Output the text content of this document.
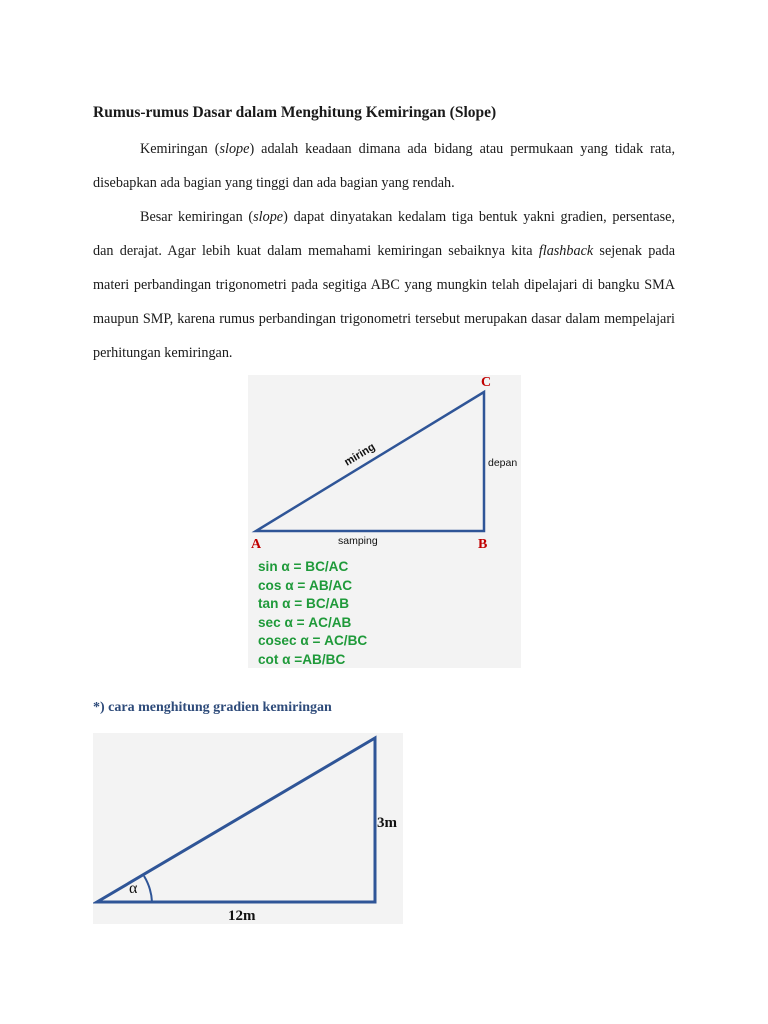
Rumus-rumus Dasar dalam Menghitung Kemiringan (Slope)

Kemiringan (slope) adalah keadaan dimana ada bidang atau permukaan yang tidak rata, disebapkan ada bagian yang tinggi dan ada bagian yang rendah.

Besar kemiringan (slope) dapat dinyatakan kedalam tiga bentuk yakni gradien, persentase, dan derajat. Agar lebih kuat dalam memahami kemiringan sebaiknya kita flashback sejenak pada materi perbandingan trigonometri pada segitiga ABC yang mungkin telah dipelajari di bangku SMA maupun SMP, karena rumus perbandingan trigonometri tersebut merupakan dasar dalam mempelajari perhitungan kemiringan.

C
A	B
miring	depan
samping
sin α = BC/AC
cos α = AB/AC
tan α = BC/AB
sec α = AC/AB
cosec α = AC/BC
cot α =AB/BC
*) cara menghitung gradien kemiringan
α
3m
12m
